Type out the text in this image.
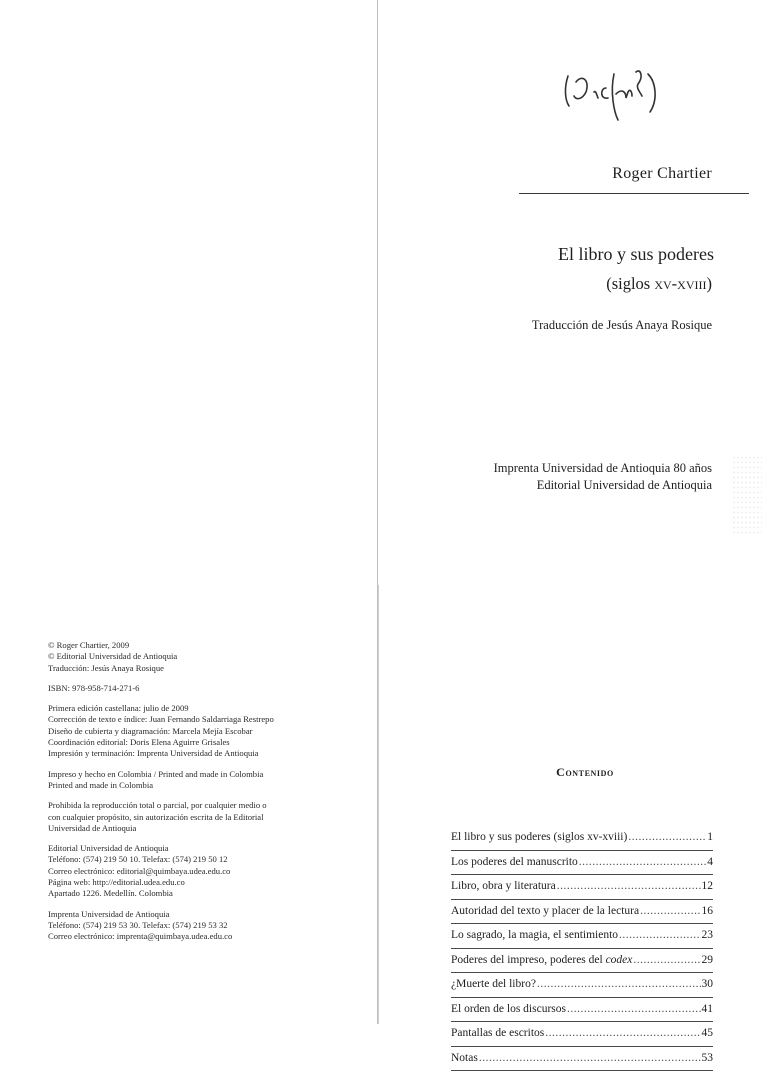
Roger Chartier
El libro y sus poderes
(siglos xv-xviii)
Traducción de Jesús Anaya Rosique
Imprenta Universidad de Antioquia 80 años
Editorial Universidad de Antioquia
© Roger Chartier, 2009
© Editorial Universidad de Antioquia
Traducción: Jesús Anaya Rosique
ISBN: 978-958-714-271-6
Primera edición castellana: julio de 2009
Corrección de texto e índice: Juan Fernando Saldarriaga Restrepo
Diseño de cubierta y diagramación: Marcela Mejía Escobar
Coordinación editorial: Doris Elena Aguirre Grisales
Impresión y terminación: Imprenta Universidad de Antioquia
Impreso y hecho en Colombia / Printed and made in Colombia
Printed and made in Colombia
Prohibida la reproducción total o parcial, por cualquier medio o
con cualquier propósito, sin autorización escrita de la Editorial
Universidad de Antioquia
Editorial Universidad de Antioquia
Teléfono: (574) 219 50 10. Telefax: (574) 219 50 12
Correo electrónico: editorial@quimbaya.udea.edu.co
Página web: http://editorial.udea.edu.co
Apartado 1226. Medellín. Colombia
Imprenta Universidad de Antioquia
Teléfono: (574) 219 53 30. Telefax: (574) 219 53 32
Correo electrónico: imprenta@quimbaya.udea.edu.co
Contenido
El libro y sus poderes (siglos xv-xviii) .....	1
Los poderes del manuscrito .....	4
Libro, obra y literatura .....	12
Autoridad del texto y placer de la lectura .....	16
Lo sagrado, la magia, el sentimiento .....	23
Poderes del impreso, poderes del codex .....	29
¿Muerte del libro? .....	30
El orden de los discursos .....	41
Pantallas de escritos .....	45
Notas .....	53
